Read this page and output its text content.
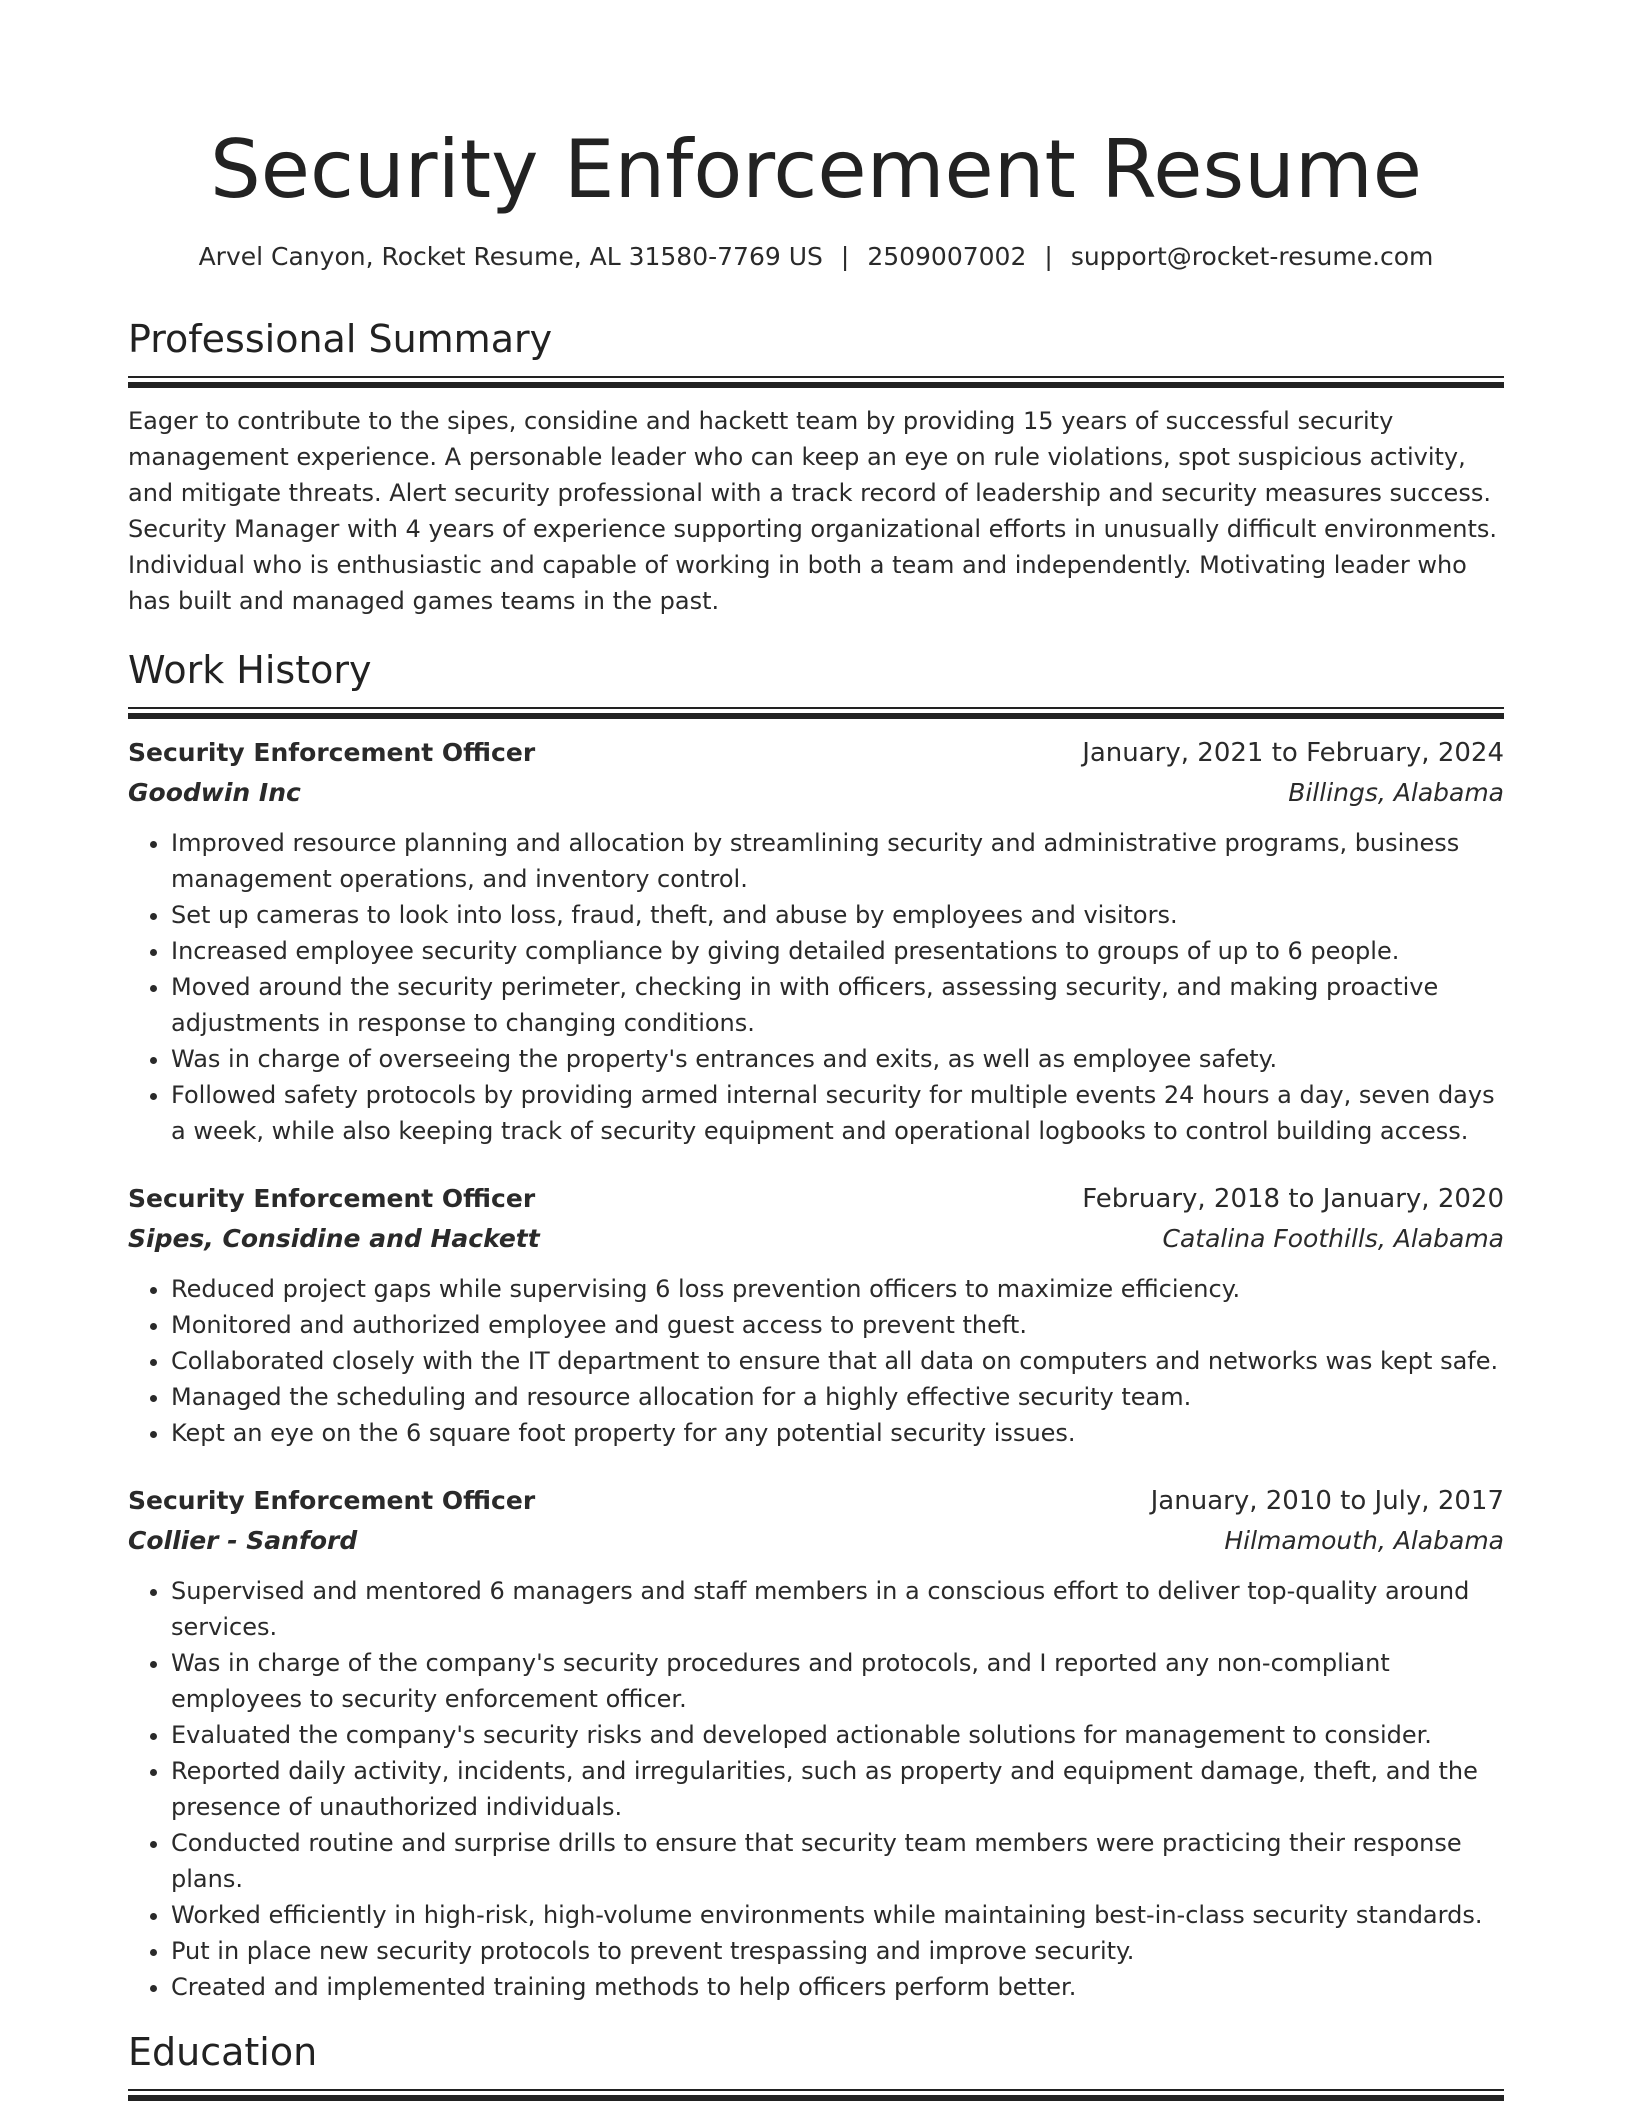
Security Enforcement Resume
Arvel Canyon, Rocket Resume, AL 31580-7769 US | 2509007002 | support@rocket-resume.com
Professional Summary

Eager to contribute to the sipes, considine and hackett team by providing 15 years of successful security management experience. A personable leader who can keep an eye on rule violations, spot suspicious activity, and mitigate threats. Alert security professional with a track record of leadership and security measures success. Security Manager with 4 years of experience supporting organizational efforts in unusually difficult environments. Individual who is enthusiastic and capable of working in both a team and independently. Motivating leader who has built and managed games teams in the past.

Work History
Security Enforcement Officer	January, 2021 to February, 2024
Goodwin Inc	Billings, Alabama
• Improved resource planning and allocation by streamlining security and administrative programs, business management operations, and inventory control.
• Set up cameras to look into loss, fraud, theft, and abuse by employees and visitors.
• Increased employee security compliance by giving detailed presentations to groups of up to 6 people.
• Moved around the security perimeter, checking in with officers, assessing security, and making proactive adjustments in response to changing conditions.
• Was in charge of overseeing the property's entrances and exits, as well as employee safety.
• Followed safety protocols by providing armed internal security for multiple events 24 hours a day, seven days a week, while also keeping track of security equipment and operational logbooks to control building access.
Security Enforcement Officer	February, 2018 to January, 2020
Sipes, Considine and Hackett	Catalina Foothills, Alabama
• Reduced project gaps while supervising 6 loss prevention officers to maximize efficiency.
• Monitored and authorized employee and guest access to prevent theft.
• Collaborated closely with the IT department to ensure that all data on computers and networks was kept safe.
• Managed the scheduling and resource allocation for a highly effective security team.
• Kept an eye on the 6 square foot property for any potential security issues.
Security Enforcement Officer	January, 2010 to July, 2017
Collier - Sanford	Hilmamouth, Alabama
• Supervised and mentored 6 managers and staff members in a conscious effort to deliver top-quality around services.
• Was in charge of the company's security procedures and protocols, and I reported any non-compliant employees to security enforcement officer.
• Evaluated the company's security risks and developed actionable solutions for management to consider.
• Reported daily activity, incidents, and irregularities, such as property and equipment damage, theft, and the presence of unauthorized individuals.
• Conducted routine and surprise drills to ensure that security team members were practicing their response plans.
• Worked efficiently in high-risk, high-volume environments while maintaining best-in-class security standards.
• Put in place new security protocols to prevent trespassing and improve security.
• Created and implemented training methods to help officers perform better.
Education
